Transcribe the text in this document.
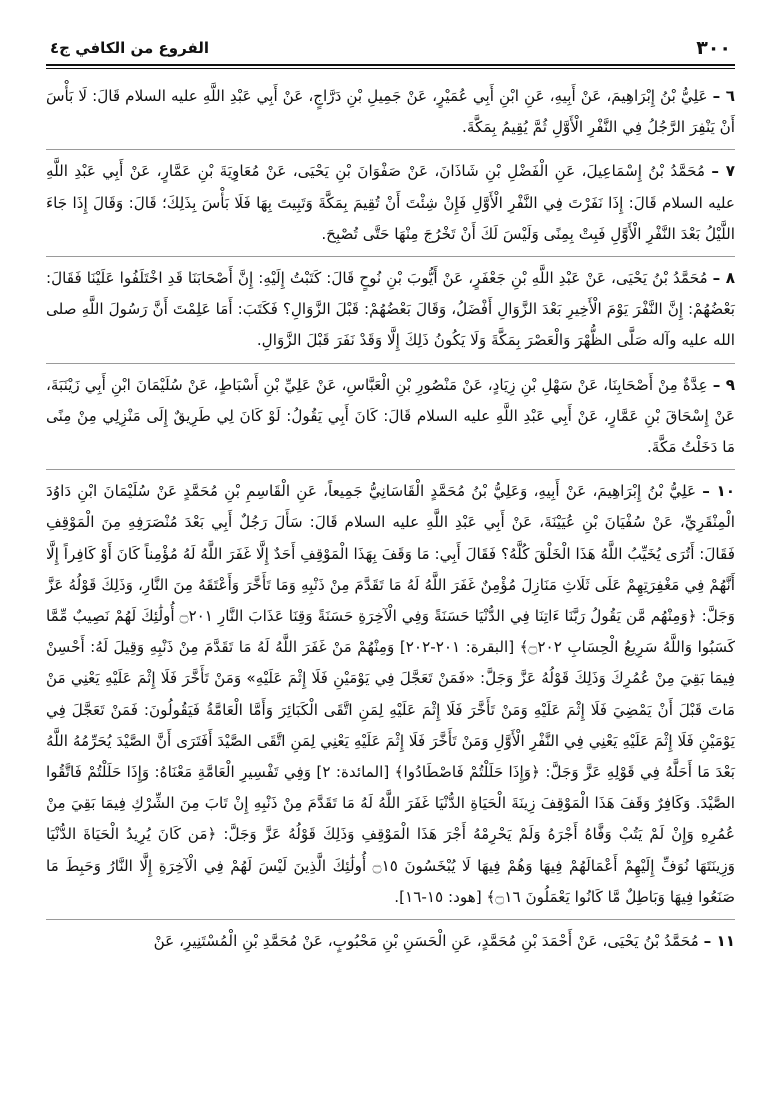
٣٠٠
الفروع من الكافي ج٤

٦ – عَلِيُّ بْنُ إِبْرَاهِيمَ، عَنْ أَبِيهِ، عَنِ ابْنِ أَبِي عُمَيْرٍ، عَنْ جَمِيلِ بْنِ دَرَّاجٍ، عَنْ أَبِي عَبْدِ اللَّهِ عليه السلام قَالَ: لَا بَأْسَ أَنْ يَنْفِرَ الرَّجُلُ فِي النَّفْرِ الْأَوَّلِ ثُمَّ يُقِيمُ بِمَكَّةَ.

٧ – مُحَمَّدُ بْنُ إِسْمَاعِيلَ، عَنِ الْفَضْلِ بْنِ شَاذَانَ، عَنْ صَفْوَانَ بْنِ يَحْيَى، عَنْ مُعَاوِيَةَ بْنِ عَمَّارٍ، عَنْ أَبِي عَبْدِ اللَّهِ عليه السلام قَالَ: إِذَا نَفَرْتَ فِي النَّفْرِ الْأَوَّلِ فَإِنْ شِئْتَ أَنْ تُقِيمَ بِمَكَّةَ وَتَبِيتَ بِهَا فَلَا بَأْسَ بِذَلِكَ؛ قَالَ: وَقَالَ إِذَا جَاءَ اللَّيْلُ بَعْدَ النَّفْرِ الْأَوَّلِ فَبِتْ بِمِنًى وَلَيْسَ لَكَ أَنْ تَخْرُجَ مِنْهَا حَتَّى تُصْبِحَ.

٨ – مُحَمَّدُ بْنُ يَحْيَى، عَنْ عَبْدِ اللَّهِ بْنِ جَعْفَرٍ، عَنْ أَيُّوبَ بْنِ نُوحٍ قَالَ: كَتَبْتُ إِلَيْهِ: إِنَّ أَصْحَابَنَا قَدِ اخْتَلَفُوا عَلَيْنَا فَقَالَ: بَعْضُهُمْ: إِنَّ النَّفْرَ يَوْمَ الْأَخِيرِ بَعْدَ الزَّوَالِ أَفْضَلُ، وَقَالَ بَعْضُهُمْ: قَبْلَ الزَّوَالِ؟ فَكَتَبَ: أَمَا عَلِمْتَ أَنَّ رَسُولَ اللَّهِ صلى الله عليه وآله صَلَّى الظُّهْرَ وَالْعَصْرَ بِمَكَّةَ وَلَا يَكُونُ ذَلِكَ إِلَّا وَقَدْ نَفَرَ قَبْلَ الزَّوَالِ.

٩ – عِدَّةٌ مِنْ أَصْحَابِنَا، عَنْ سَهْلِ بْنِ زِيَادٍ، عَنْ مَنْصُورِ بْنِ الْعَبَّاسِ، عَنْ عَلِيِّ بْنِ أَسْبَاطٍ، عَنْ سُلَيْمَانَ ابْنِ أَبِي زَيْنَبَةَ، عَنْ إِسْحَاقَ بْنِ عَمَّارٍ، عَنْ أَبِي عَبْدِ اللَّهِ عليه السلام قَالَ: كَانَ أَبِي يَقُولُ: لَوْ كَانَ لِي طَرِيقٌ إِلَى مَنْزِلِي مِنْ مِنًى مَا دَخَلْتُ مَكَّةَ.

١٠ – عَلِيُّ بْنُ إِبْرَاهِيمَ، عَنْ أَبِيهِ، وَعَلِيُّ بْنُ مُحَمَّدٍ الْقَاسَانِيُّ جَمِيعاً، عَنِ الْقَاسِمِ بْنِ مُحَمَّدٍ عَنْ سُلَيْمَانَ ابْنِ دَاوُدَ الْمِنْقَرِيِّ، عَنْ سُفْيَانَ بْنِ عُيَيْنَةَ، عَنْ أَبِي عَبْدِ اللَّهِ عليه السلام قَالَ: سَأَلَ رَجُلٌ أَبِي بَعْدَ مُنْصَرَفِهِ مِنَ الْمَوْقِفِ فَقَالَ: أَتُرَى يُخَيِّبُ اللَّهُ هَذَا الْخَلْقَ كُلَّهُ؟ فَقَالَ أَبِي: مَا وَقَفَ بِهَذَا الْمَوْقِفِ أَحَدٌ إِلَّا غَفَرَ اللَّهُ لَهُ مُؤْمِناً كَانَ أَوْ كَافِراً إِلَّا أَنَّهُمْ فِي مَغْفِرَتِهِمْ عَلَى ثَلَاثِ مَنَازِلَ مُؤْمِنٌ غَفَرَ اللَّهُ لَهُ مَا تَقَدَّمَ مِنْ ذَنْبِهِ وَمَا تَأَخَّرَ وَأَعْتَقَهُ مِنَ النَّارِ، وَذَلِكَ قَوْلُهُ عَزَّ وَجَلَّ: ﴿وَمِنْهُم مَّن يَقُولُ رَبَّنَا ءَاتِنَا فِي الدُّنْيَا حَسَنَةً وَفِي الْآخِرَةِ حَسَنَةً وَقِنَا عَذَابَ النَّارِ ۝٢٠١ أُولَٰئِكَ لَهُمْ نَصِيبٌ مِّمَّا كَسَبُوا وَاللَّهُ سَرِيعُ الْحِسَابِ ۝٢٠٢﴾ [البقرة: ٢٠١-٢٠٢] وَمِنْهُمْ مَنْ غَفَرَ اللَّهُ لَهُ مَا تَقَدَّمَ مِنْ ذَنْبِهِ وَقِيلَ لَهُ: أَحْسِنْ فِيمَا بَقِيَ مِنْ عُمُرِكَ وَذَلِكَ قَوْلُهُ عَزَّ وَجَلَّ: «فَمَنْ تَعَجَّلَ فِي يَوْمَيْنِ فَلَا إِثْمَ عَلَيْهِ» وَمَنْ تَأَخَّرَ فَلَا إِثْمَ عَلَيْهِ يَعْنِي مَنْ مَاتَ قَبْلَ أَنْ يَمْضِيَ فَلَا إِثْمَ عَلَيْهِ وَمَنْ تَأَخَّرَ فَلَا إِثْمَ عَلَيْهِ لِمَنِ اتَّقَى الْكَبَائِرَ وَأَمَّا الْعَامَّةُ فَيَقُولُونَ: فَمَنْ تَعَجَّلَ فِي يَوْمَيْنِ فَلَا إِثْمَ عَلَيْهِ يَعْنِي فِي النَّفْرِ الْأَوَّلِ وَمَنْ تَأَخَّرَ فَلَا إِثْمَ عَلَيْهِ يَعْنِي لِمَنِ اتَّقَى الصَّيْدَ أَفَتَرَى أَنَّ الصَّيْدَ يُحَرِّمُهُ اللَّهُ بَعْدَ مَا أَحَلَّهُ فِي قَوْلِهِ عَزَّ وَجَلَّ: ﴿وَإِذَا حَلَلْتُمْ فَاصْطَادُوا﴾ [المائدة: ٢] وَفِي تَفْسِيرِ الْعَامَّةِ مَعْنَاهُ: وَإِذَا حَلَلْتُمْ فَاتَّقُوا الصَّيْدَ. وَكَافِرٌ وَقَفَ هَذَا الْمَوْقِفَ زِينَةَ الْحَيَاةِ الدُّنْيَا غَفَرَ اللَّهُ لَهُ مَا تَقَدَّمَ مِنْ ذَنْبِهِ إِنْ تَابَ مِنَ الشِّرْكِ فِيمَا بَقِيَ مِنْ عُمُرِهِ وَإِنْ لَمْ يَتُبْ وَفَّاهُ أَجْرَهُ وَلَمْ يَحْرِمْهُ أَجْرَ هَذَا الْمَوْقِفِ وَذَلِكَ قَوْلُهُ عَزَّ وَجَلَّ: ﴿مَن كَانَ يُرِيدُ الْحَيَاةَ الدُّنْيَا وَزِينَتَهَا نُوَفِّ إِلَيْهِمْ أَعْمَالَهُمْ فِيهَا وَهُمْ فِيهَا لَا يُبْخَسُونَ ۝١٥ أُولَٰئِكَ الَّذِينَ لَيْسَ لَهُمْ فِي الْآخِرَةِ إِلَّا النَّارُ وَحَبِطَ مَا صَنَعُوا فِيهَا وَبَاطِلٌ مَّا كَانُوا يَعْمَلُونَ ۝١٦﴾ [هود: ١٥-١٦].

١١ – مُحَمَّدُ بْنُ يَحْيَى، عَنْ أَحْمَدَ بْنِ مُحَمَّدٍ، عَنِ الْحَسَنِ بْنِ مَحْبُوبٍ، عَنْ مُحَمَّدِ بْنِ الْمُسْتَنِيرِ، عَنْ
